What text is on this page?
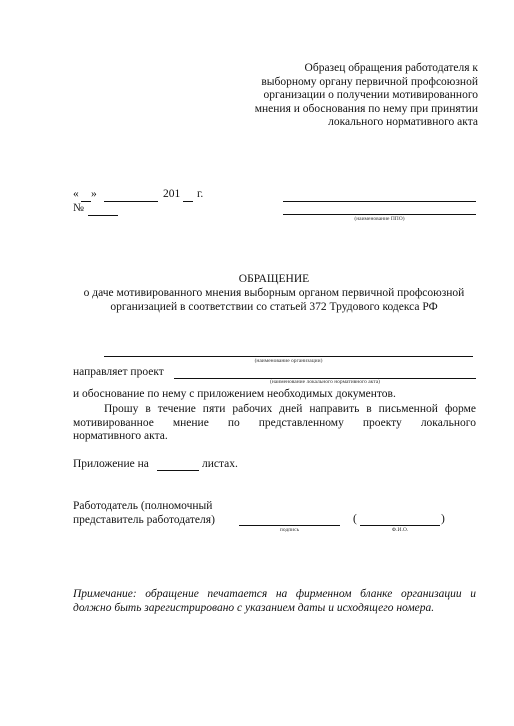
Образец обращения работодателя к
выборному органу первичной профсоюзной
организации о получении мотивированного
мнения и обоснования по нему при принятии
локального нормативного акта
« »	201 г.
№
(наименование ППО)
ОБРАЩЕНИЕ
о даче мотивированного мнения выборным органом первичной профсоюзной
организацией в соответствии со статьей 372 Трудового кодекса РФ
(наименование организации)
направляет проект
(наименование локального нормативного акта)
и обоснование по нему с приложением необходимых документов.
Прошу в течение пяти рабочих дней направить в письменной форме
мотивированное мнение по представленному проекту локального
нормативного акта.
Приложение на	листах.
Работодатель (полномочный
представитель работодателя)
подпись
(	)
Ф.И.О.
Примечание: обращение печатается на фирменном бланке организации и
должно быть зарегистрировано с указанием даты и исходящего номера.
